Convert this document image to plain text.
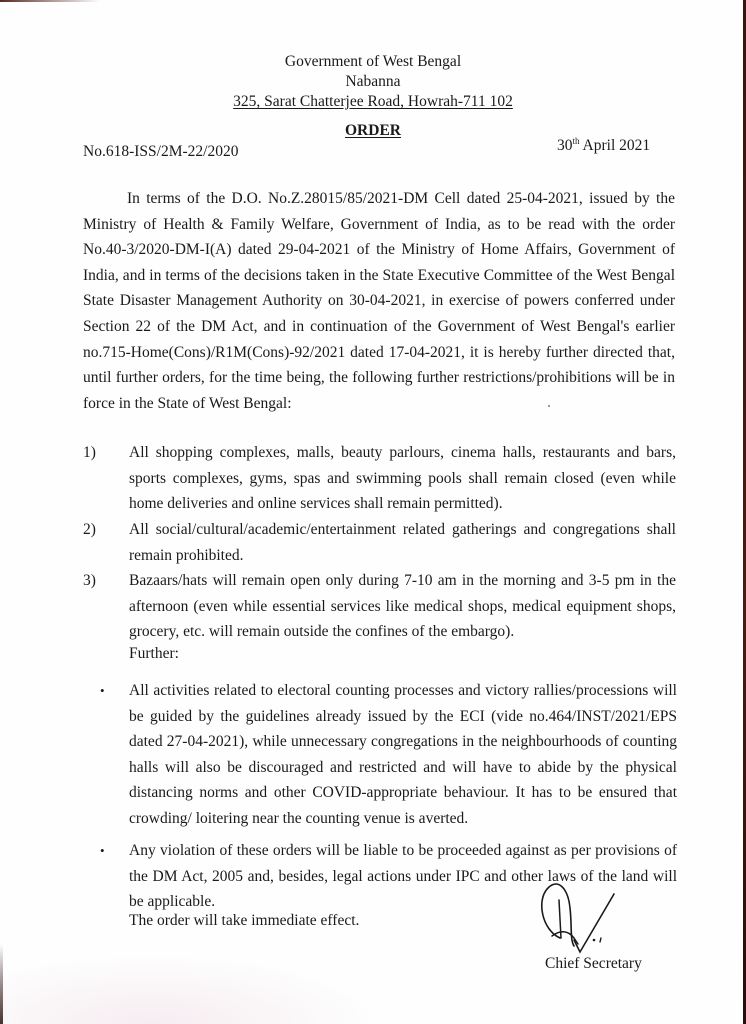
Government of West Bengal
Nabanna
325, Sarat Chatterjee Road, Howrah-711 102
ORDER
No.618-ISS/2M-22/2020	30th April 2021

In terms of the D.O. No.Z.28015/85/2021-DM Cell dated 25-04-2021, issued by the Ministry of Health & Family Welfare, Government of India, as to be read with the order No.40-3/2020-DM-I(A) dated 29-04-2021 of the Ministry of Home Affairs, Government of India, and in terms of the decisions taken in the State Executive Committee of the West Bengal State Disaster Management Authority on 30-04-2021, in exercise of powers conferred under Section 22 of the DM Act, and in continuation of the Government of West Bengal's earlier no.715-Home(Cons)/R1M(Cons)-92/2021 dated 17-04-2021, it is hereby further directed that, until further orders, for the time being, the following further restrictions/prohibitions will be in force in the State of West Bengal:

1) All shopping complexes, malls, beauty parlours, cinema halls, restaurants and bars, sports complexes, gyms, spas and swimming pools shall remain closed (even while home deliveries and online services shall remain permitted).
2) All social/cultural/academic/entertainment related gatherings and congregations shall remain prohibited.
3) Bazaars/hats will remain open only during 7-10 am in the morning and 3-5 pm in the afternoon (even while essential services like medical shops, medical equipment shops, grocery, etc. will remain outside the confines of the embargo).
Further:
• All activities related to electoral counting processes and victory rallies/processions will be guided by the guidelines already issued by the ECI (vide no.464/INST/2021/EPS dated 27-04-2021), while unnecessary congregations in the neighbourhoods of counting halls will also be discouraged and restricted and will have to abide by the physical distancing norms and other COVID-appropriate behaviour. It has to be ensured that crowding/ loitering near the counting venue is averted.
• Any violation of these orders will be liable to be proceeded against as per provisions of the DM Act, 2005 and, besides, legal actions under IPC and other laws of the land will be applicable.
The order will take immediate effect.
Chief Secretary
